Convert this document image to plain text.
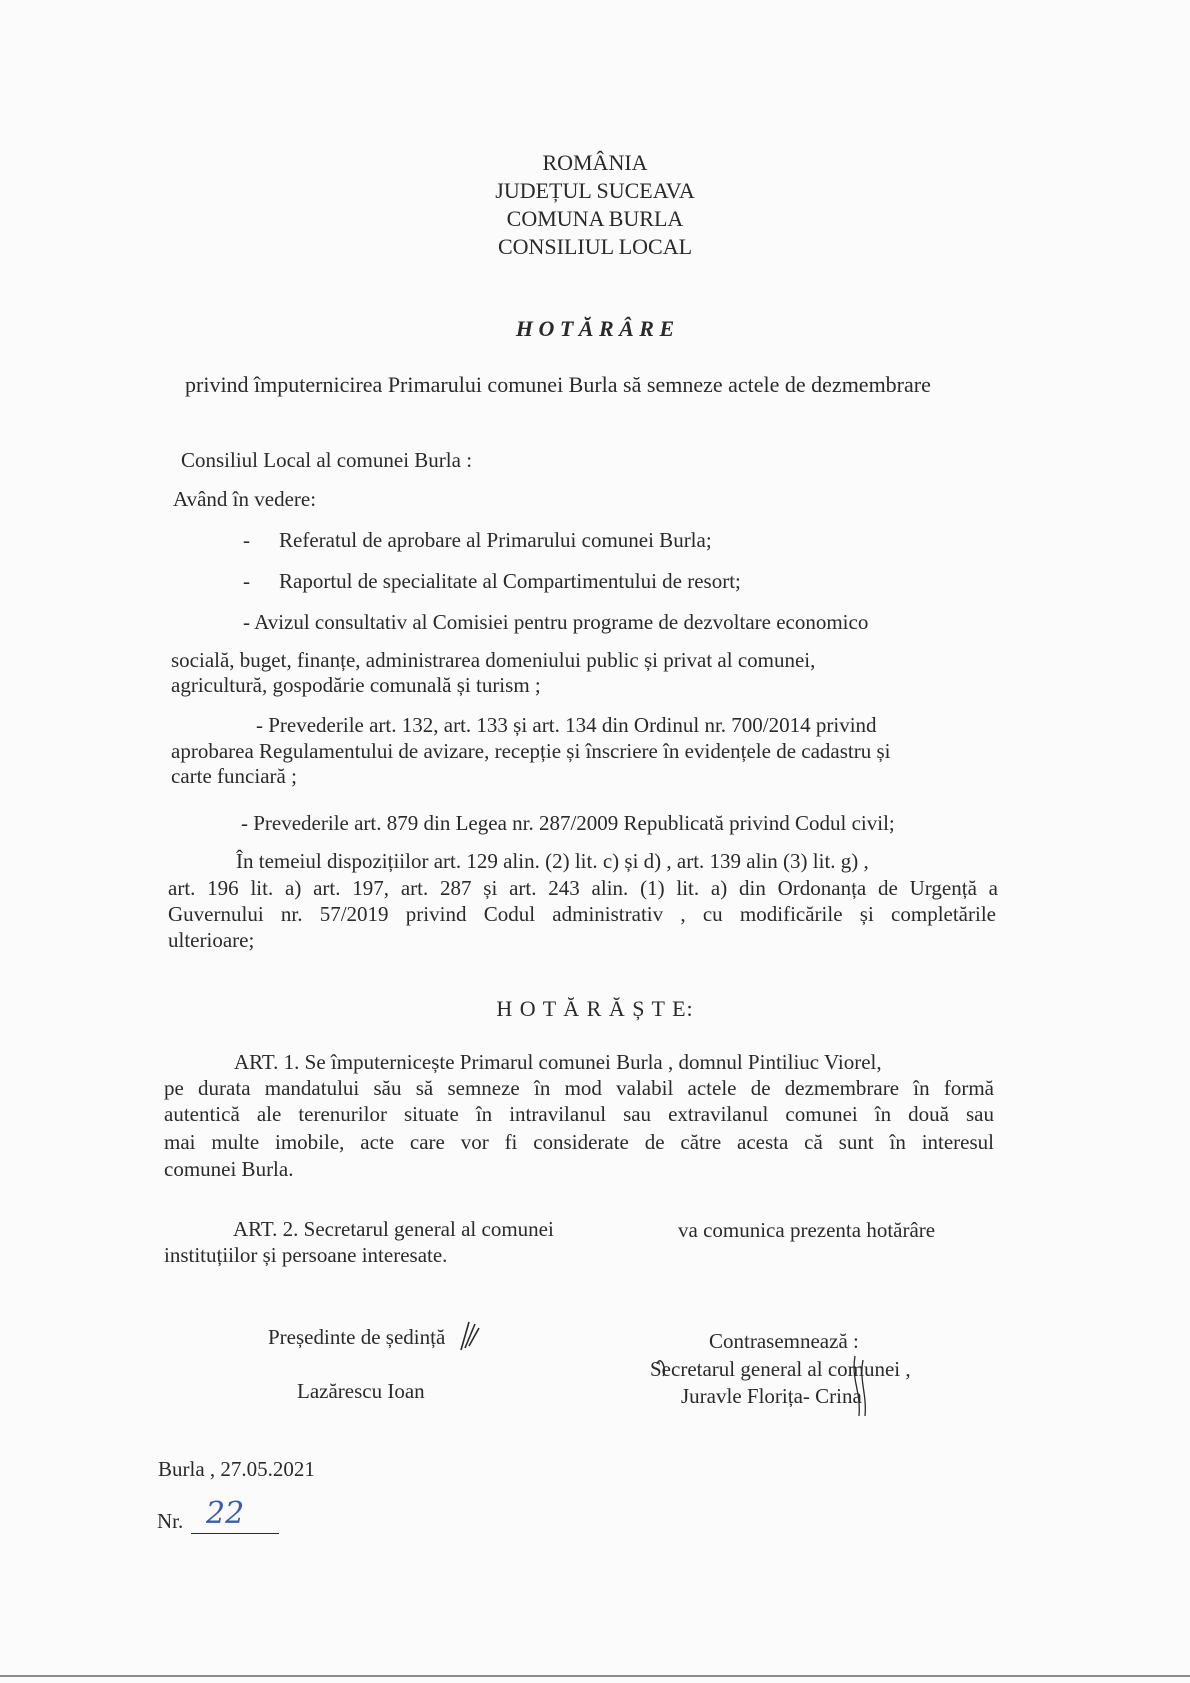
ROMÂNIA
JUDEȚUL SUCEAVA
COMUNA BURLA
CONSILIUL LOCAL
H O T Ă R Â R E
privind împuternicirea Primarului comunei Burla să semneze actele de dezmembrare
Consiliul Local al comunei Burla :
Având în vedere:
- Referatul de aprobare al Primarului comunei Burla;
- Raportul de specialitate al Compartimentului de resort;
- Avizul consultativ al Comisiei pentru programe de dezvoltare economico
socială, buget, finanțe, administrarea domeniului public și privat al comunei,
agricultură, gospodărie comunală și turism ;
- Prevederile art. 132, art. 133 și art. 134 din Ordinul nr. 700/2014 privind
aprobarea Regulamentului de avizare, recepție și înscriere în evidențele de cadastru și
carte funciară ;
- Prevederile art. 879 din Legea nr. 287/2009 Republicată privind Codul civil;
În temeiul dispozițiilor art. 129 alin. (2) lit. c) și d) , art. 139 alin (3) lit. g) ,
art. 196 lit. a) art. 197, art. 287 și art. 243 alin. (1) lit. a) din Ordonanța de Urgență a
Guvernului nr. 57/2019 privind Codul administrativ , cu modificările și completările
ulterioare;
H O T Ă R Ă Ș T E:
ART. 1. Se împuternicește Primarul comunei Burla , domnul Pintiliuc Viorel,
pe durata mandatului său să semneze în mod valabil actele de dezmembrare în formă
autentică ale terenurilor situate în intravilanul sau extravilanul comunei în două sau
mai multe imobile, acte care vor fi considerate de către acesta că sunt în interesul
comunei Burla.
ART. 2. Secretarul general al comunei	va comunica prezenta hotărâre
instituțiilor și persoane interesate.
Președinte de ședință
Lazărescu Ioan
Contrasemnează :
Secretarul general al comunei ,
Juravle Florița- Crina
Burla , 27.05.2021
Nr. 22
